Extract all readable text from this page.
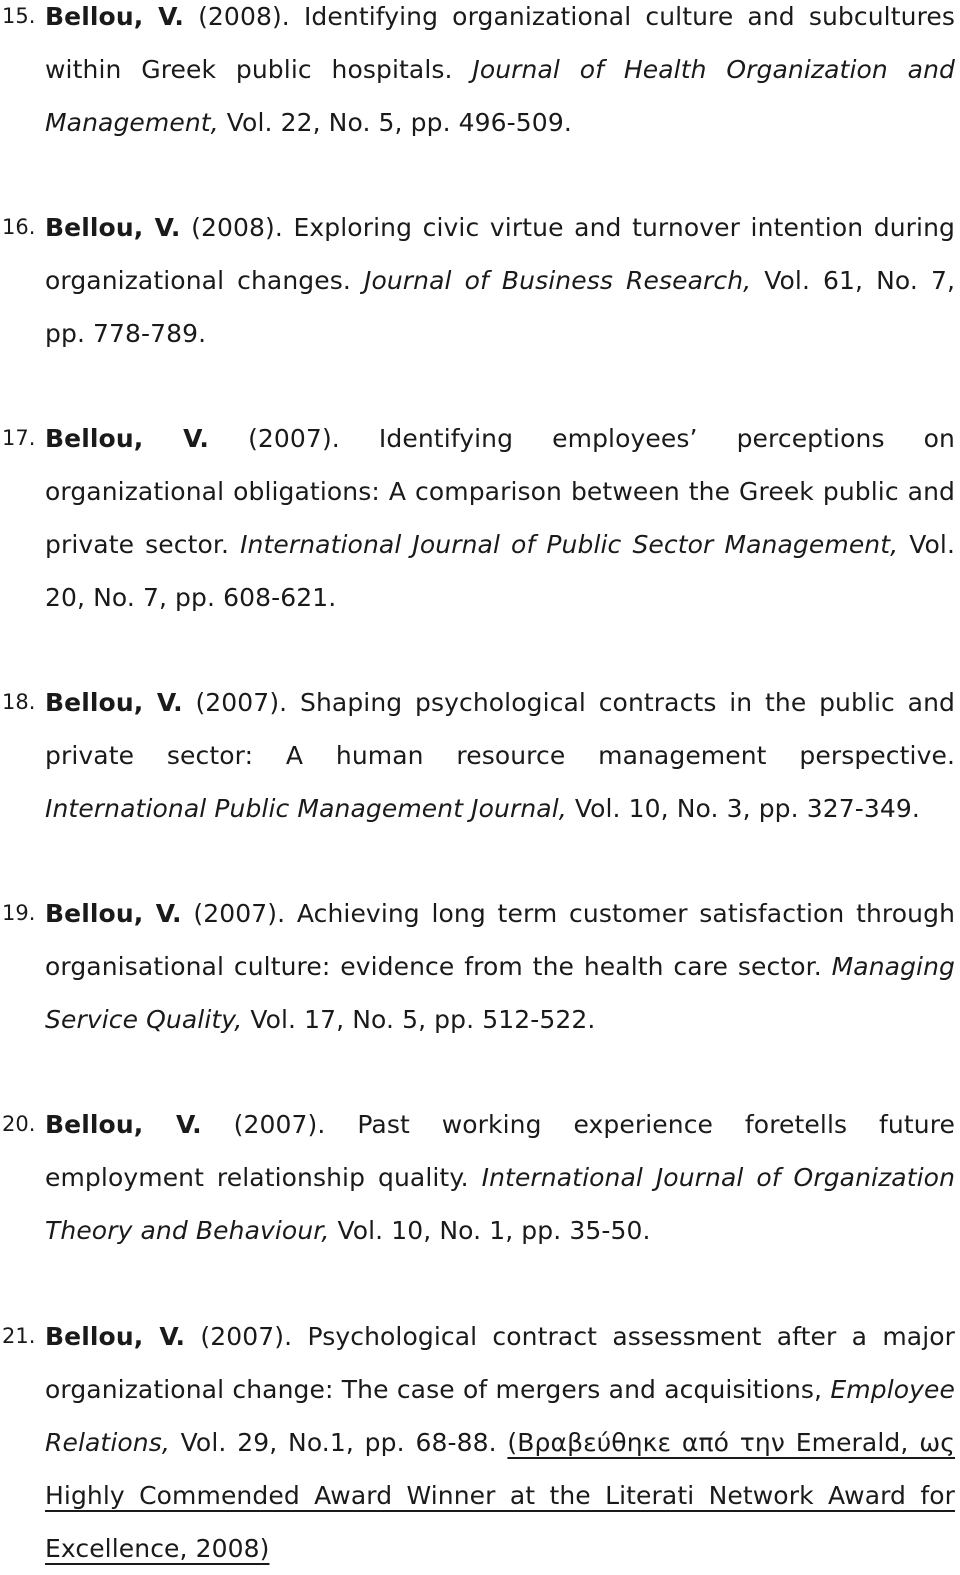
15. Bellou, V. (2008). Identifying organizational culture and subcultures within Greek public hospitals. Journal of Health Organization and Management, Vol. 22, No. 5, pp. 496-509.
16. Bellou, V. (2008). Exploring civic virtue and turnover intention during organizational changes. Journal of Business Research, Vol. 61, No. 7, pp. 778-789.
17. Bellou, V. (2007). Identifying employees’ perceptions on organizational obligations: A comparison between the Greek public and private sector. International Journal of Public Sector Management, Vol. 20, No. 7, pp. 608-621.
18. Bellou, V. (2007). Shaping psychological contracts in the public and private sector: A human resource management perspective. International Public Management Journal, Vol. 10, No. 3, pp. 327-349.
19. Bellou, V. (2007). Achieving long term customer satisfaction through organisational culture: evidence from the health care sector. Managing Service Quality, Vol. 17, No. 5, pp. 512-522.
20. Bellou, V. (2007). Past working experience foretells future employment relationship quality. International Journal of Organization Theory and Behaviour, Vol. 10, No. 1, pp. 35-50.
21. Bellou, V. (2007). Psychological contract assessment after a major organizational change: The case of mergers and acquisitions, Employee Relations, Vol. 29, No.1, pp. 68-88. (Βραβεύθηκε από την Emerald, ως Highly Commended Award Winner at the Literati Network Award for Excellence, 2008)
